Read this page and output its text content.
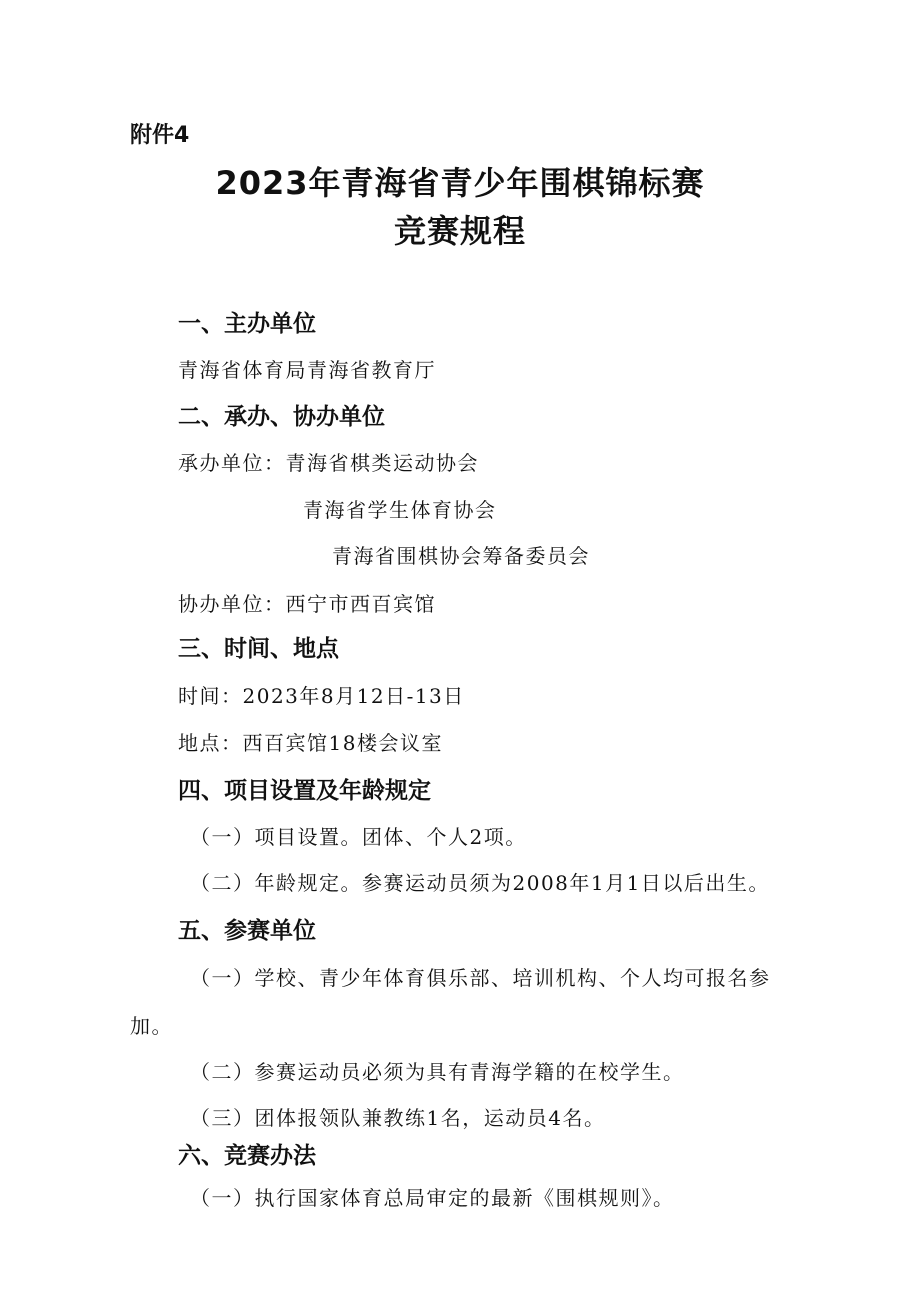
附件4
2023年青海省青少年围棋锦标赛
竞赛规程
一、主办单位
青海省体育局青海省教育厅
二、承办、协办单位
承办单位：青海省棋类运动协会
青海省学生体育协会
青海省围棋协会筹备委员会
协办单位：西宁市西百宾馆
三、时间、地点
时间：2023年8月12日-13日
地点：西百宾馆18楼会议室
四、项目设置及年龄规定
（一）项目设置。团体、个人2项。
（二）年龄规定。参赛运动员须为2008年1月1日以后出生。
五、参赛单位
（一）学校、青少年体育俱乐部、培训机构、个人均可报名参
加。
（二）参赛运动员必须为具有青海学籍的在校学生。
（三）团体报领队兼教练1名，运动员4名。
六、竞赛办法
（一）执行国家体育总局审定的最新《围棋规则》。
